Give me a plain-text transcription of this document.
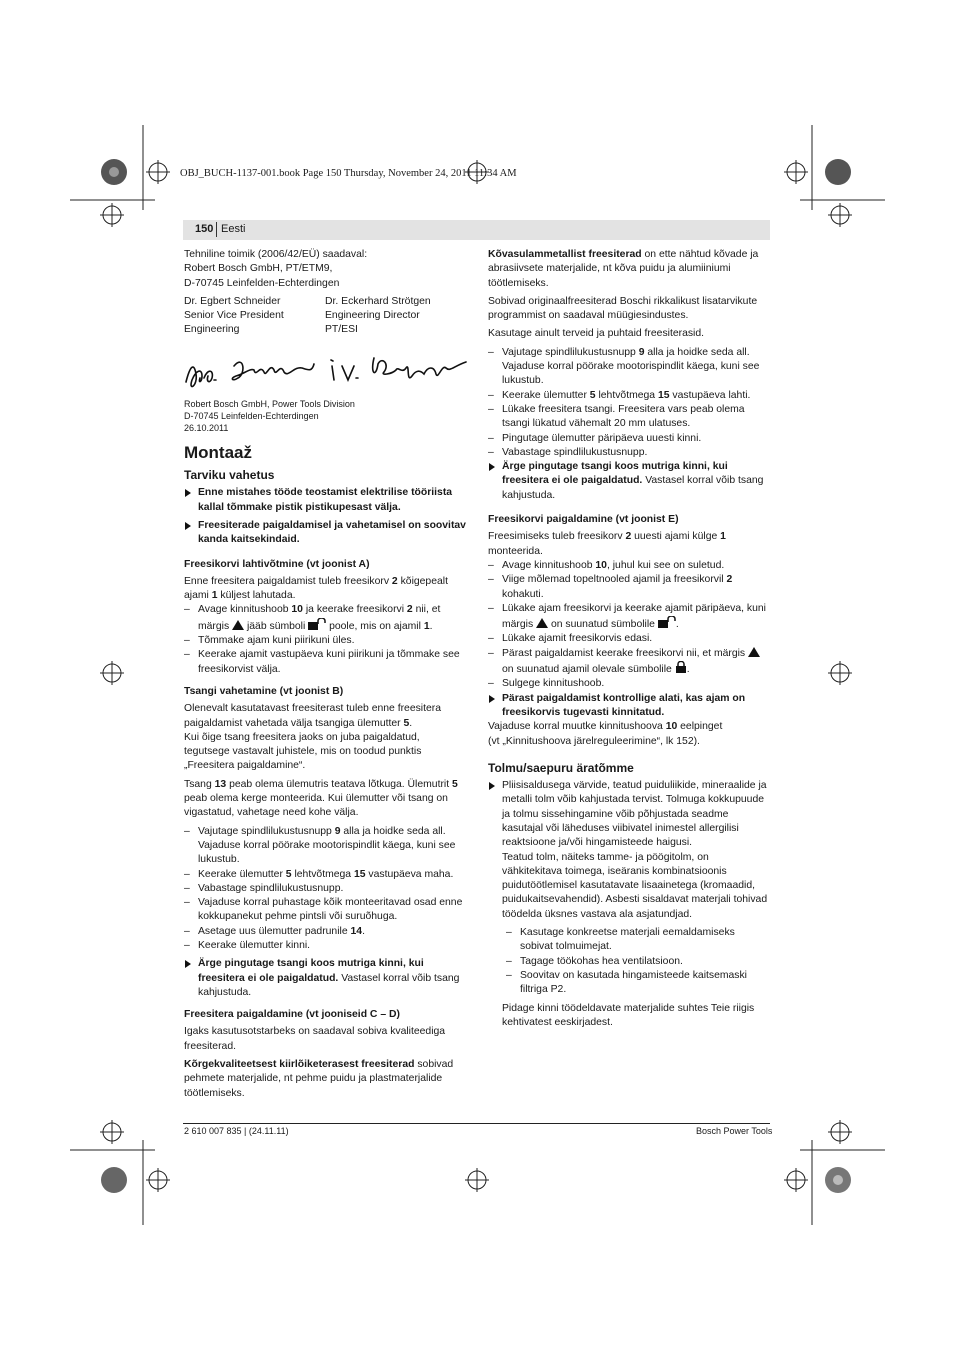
OBJ_BUCH-1137-001.book Page 150 Thursday, November 24, 2011 11:34 AM
150 Eesti

Tehniline toimik (2006/42/EÜ) saadaval:

Robert Bosch GmbH, PT/ETM9,

D-70745 Leinfelden-Echterdingen

Dr. Egbert Schneider

Senior Vice President

Engineering

Dr. Eckerhard Strötgen

Engineering Director

PT/ESI

Robert Bosch GmbH, Power Tools Division

D-70745 Leinfelden-Echterdingen

26.10.2011

Montaaž
Tarviku vahetus
Enne mistahes tööde teostamist elektrilise tööriista kallal tõmmake pistik pistikupesast välja.
Freesiterade paigaldamisel ja vahetamisel on soovitav kanda kaitsekindaid.
Freesikorvi lahtivõtmine (vt joonist A)

Enne freesitera paigaldamist tuleb freesikorv 2 kõigepealt ajami 1 küljest lahutada.

– Avage kinnitushoob 10 ja keerake freesikorvi 2 nii, et märgis  jääb sümboli  poole, mis on ajamil 1.
– Tõmmake ajam kuni piirikuni üles.
– Keerake ajamit vastupäeva kuni piirikuni ja tõmmake see freesikorvist välja.
Tsangi vahetamine (vt joonist B)

Olenevalt kasutatavast freesiterast tuleb enne freesitera paigaldamist vahetada välja tsangiga ülemutter 5.

Kui õige tsang freesitera jaoks on juba paigaldatud, tegutsege vastavalt juhistele, mis on toodud punktis „Freesitera paigaldamine“.

Tsang 13 peab olema ülemutris teatava lõtkuga. Ülemutrit 5 peab olema kerge monteerida. Kui ülemutter või tsang on vigastatud, vahetage need kohe välja.

– Vajutage spindlilukustusnupp 9 alla ja hoidke seda all. Vajaduse korral pöörake mootorispindlit käega, kuni see lukustub.
– Keerake ülemutter 5 lehtvõtmega 15 vastupäeva maha.
– Vabastage spindlilukustusnupp.
– Vajaduse korral puhastage kõik monteeritavad osad enne kokkupanekut pehme pintsli või suruõhuga.
– Asetage uus ülemutter padrunile 14.
– Keerake ülemutter kinni.
Ärge pingutage tsangi koos mutriga kinni, kui freesitera ei ole paigaldatud. Vastasel korral võib tsang kahjustuda.
Freesitera paigaldamine (vt jooniseid C – D)

Igaks kasutusotstarbeks on saadaval sobiva kvaliteediga freesiterad.

Kõrgekvaliteetsest kiirlõiketerasest freesiterad sobivad pehmete materjalide, nt pehme puidu ja plastmaterjalide töötlemiseks.

Kõvasulammetallist freesiterad on ette nähtud kõvade ja abrasiivsete materjalide, nt kõva puidu ja alumiiniumi töötlemiseks.

Sobivad originaalfreesiterad Boschi rikkalikust lisatarvikute programmist on saadaval müügiesindustes.

Kasutage ainult terveid ja puhtaid freesiterasid.

– Vajutage spindlilukustusnupp 9 alla ja hoidke seda all. Vajaduse korral pöörake mootorispindlit käega, kuni see lukustub.
– Keerake ülemutter 5 lehtvõtmega 15 vastupäeva lahti.
– Lükake freesitera tsangi. Freesitera vars peab olema tsangi lükatud vähemalt 20 mm ulatuses.
– Pingutage ülemutter päripäeva uuesti kinni.
– Vabastage spindlilukustusnupp.
Ärge pingutage tsangi koos mutriga kinni, kui freesitera ei ole paigaldatud. Vastasel korral võib tsang kahjustuda.
Freesikorvi paigaldamine (vt joonist E)

Freesimiseks tuleb freesikorv 2 uuesti ajami külge 1 monteerida.

– Avage kinnitushoob 10, juhul kui see on suletud.
– Viige mõlemad topeltnooled ajamil ja freesikorvil 2 kohakuti.
– Lükake ajam freesikorvi ja keerake ajamit päripäeva, kuni märgis  on suunatud sümbolile .
– Lükake ajamit freesikorvis edasi.
– Pärast paigaldamist keerake freesikorvi nii, et märgis  on suunatud ajamil olevale sümbolile .
– Sulgege kinnitushoob.
Pärast paigaldamist kontrollige alati, kas ajam on freesikorvis tugevasti kinnitatud.

Vajaduse korral muutke kinnitushoova 10 eelpinget

(vt „Kinnitushoova järelreguleerimine“, lk 152).

Tolmu/saepuru äratõmme
Pliisisaldusega värvide, teatud puiduliikide, mineraalide ja metalli tolm võib kahjustada tervist. Tolmuga kokkupuude ja tolmu sissehingamine võib põhjustada seadme kasutajal või läheduses viibivatel inimestel allergilisi reaktsioone ja/või hingamisteede haigusi.

Teatud tolm, näiteks tamme- ja pöögitolm, on vähkitekitava toimega, iseäranis kombinatsioonis puidutöötlemisel kasutatavate lisaainetega (kromaadid, puidukaitsevahendid). Asbesti sisaldavat materjali tohivad töödelda üksnes vastava ala asjatundjad.

– Kasutage konkreetse materjali eemaldamiseks sobivat tolmuimejat.
– Tagage töökohas hea ventilatsioon.
– Soovitav on kasutada hingamisteede kaitsemaski filtriga P2.

Pidage kinni töödeldavate materjalide suhtes Teie riigis kehtivatest eeskirjadest.

2 610 007 835 | (24.11.11)	Bosch Power Tools
